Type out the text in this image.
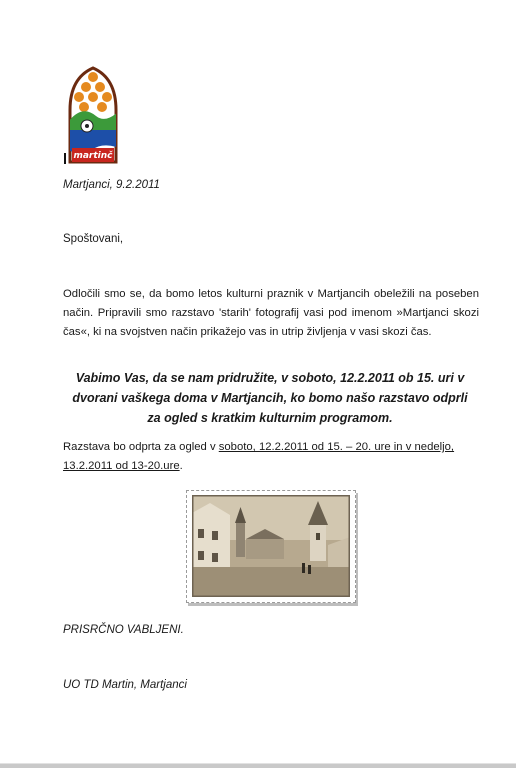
martinč
Martjanci, 9.2.2011
Spoštovani,

Odločili smo se, da bomo letos kulturni praznik v Martjancih obeležili na poseben način. Pripravili smo razstavo 'starih' fotografij vasi pod imenom »Martjanci skozi čas«, ki na svojstven način prikažejo vas in utrip življenja v vasi skozi čas.

Vabimo Vas, da se nam pridružite, v soboto, 12.2.2011 ob 15. uri v dvorani vaškega doma v Martjancih, ko bomo našo razstavo odprli za ogled s kratkim kulturnim programom.

Razstava bo odprta za ogled v soboto, 12.2.2011 od 15. – 20. ure in v nedeljo, 13.2.2011 od 13-20.ure.

PRISRČNO VABLJENI.
UO TD Martin, Martjanci
